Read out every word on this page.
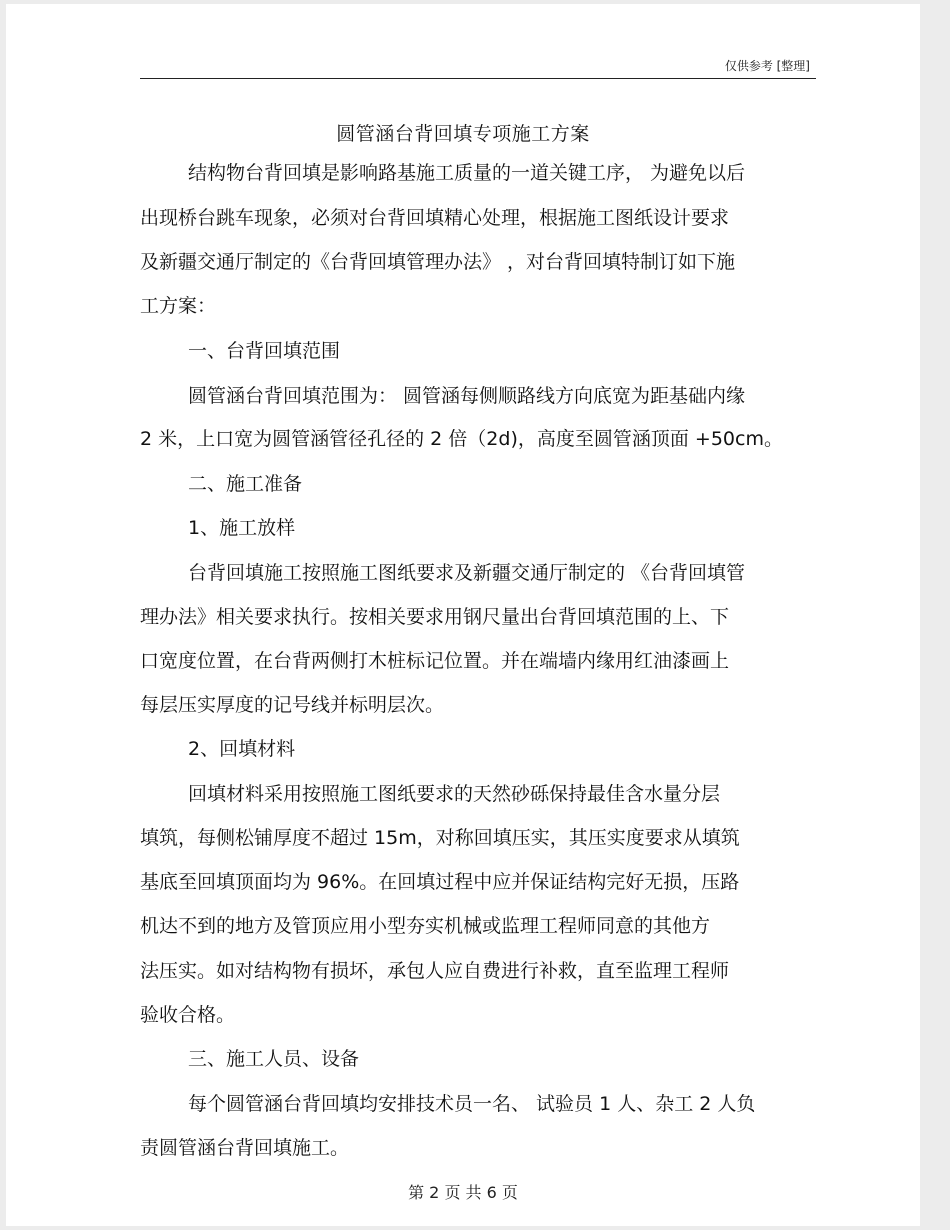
仅供参考 [整理]
圆管涵台背回填专项施工方案
结构物台背回填是影响路基施工质量的一道关键工序， 为避免以后
出现桥台跳车现象，必须对台背回填精心处理，根据施工图纸设计要求
及新疆交通厅制定的《台背回填管理办法》 ，对台背回填特制订如下施
工方案：
一、台背回填范围
圆管涵台背回填范围为： 圆管涵每侧顺路线方向底宽为距基础内缘
2 米，上口宽为圆管涵管径孔径的 2 倍（2d)，高度至圆管涵顶面 +50cm。
二、施工准备
1、施工放样
台背回填施工按照施工图纸要求及新疆交通厅制定的 《台背回填管
理办法》相关要求执行。按相关要求用钢尺量出台背回填范围的上、下
口宽度位置，在台背两侧打木桩标记位置。并在端墙内缘用红油漆画上
每层压实厚度的记号线并标明层次。
2、回填材料
回填材料采用按照施工图纸要求的天然砂砾保持最佳含水量分层
填筑，每侧松铺厚度不超过 15m，对称回填压实，其压实度要求从填筑
基底至回填顶面均为 96%。在回填过程中应并保证结构完好无损，压路
机达不到的地方及管顶应用小型夯实机械或监理工程师同意的其他方
法压实。如对结构物有损坏，承包人应自费进行补救，直至监理工程师
验收合格。
三、施工人员、设备
每个圆管涵台背回填均安排技术员一名、 试验员 1 人、杂工 2 人负
责圆管涵台背回填施工。
第 2 页 共 6 页
